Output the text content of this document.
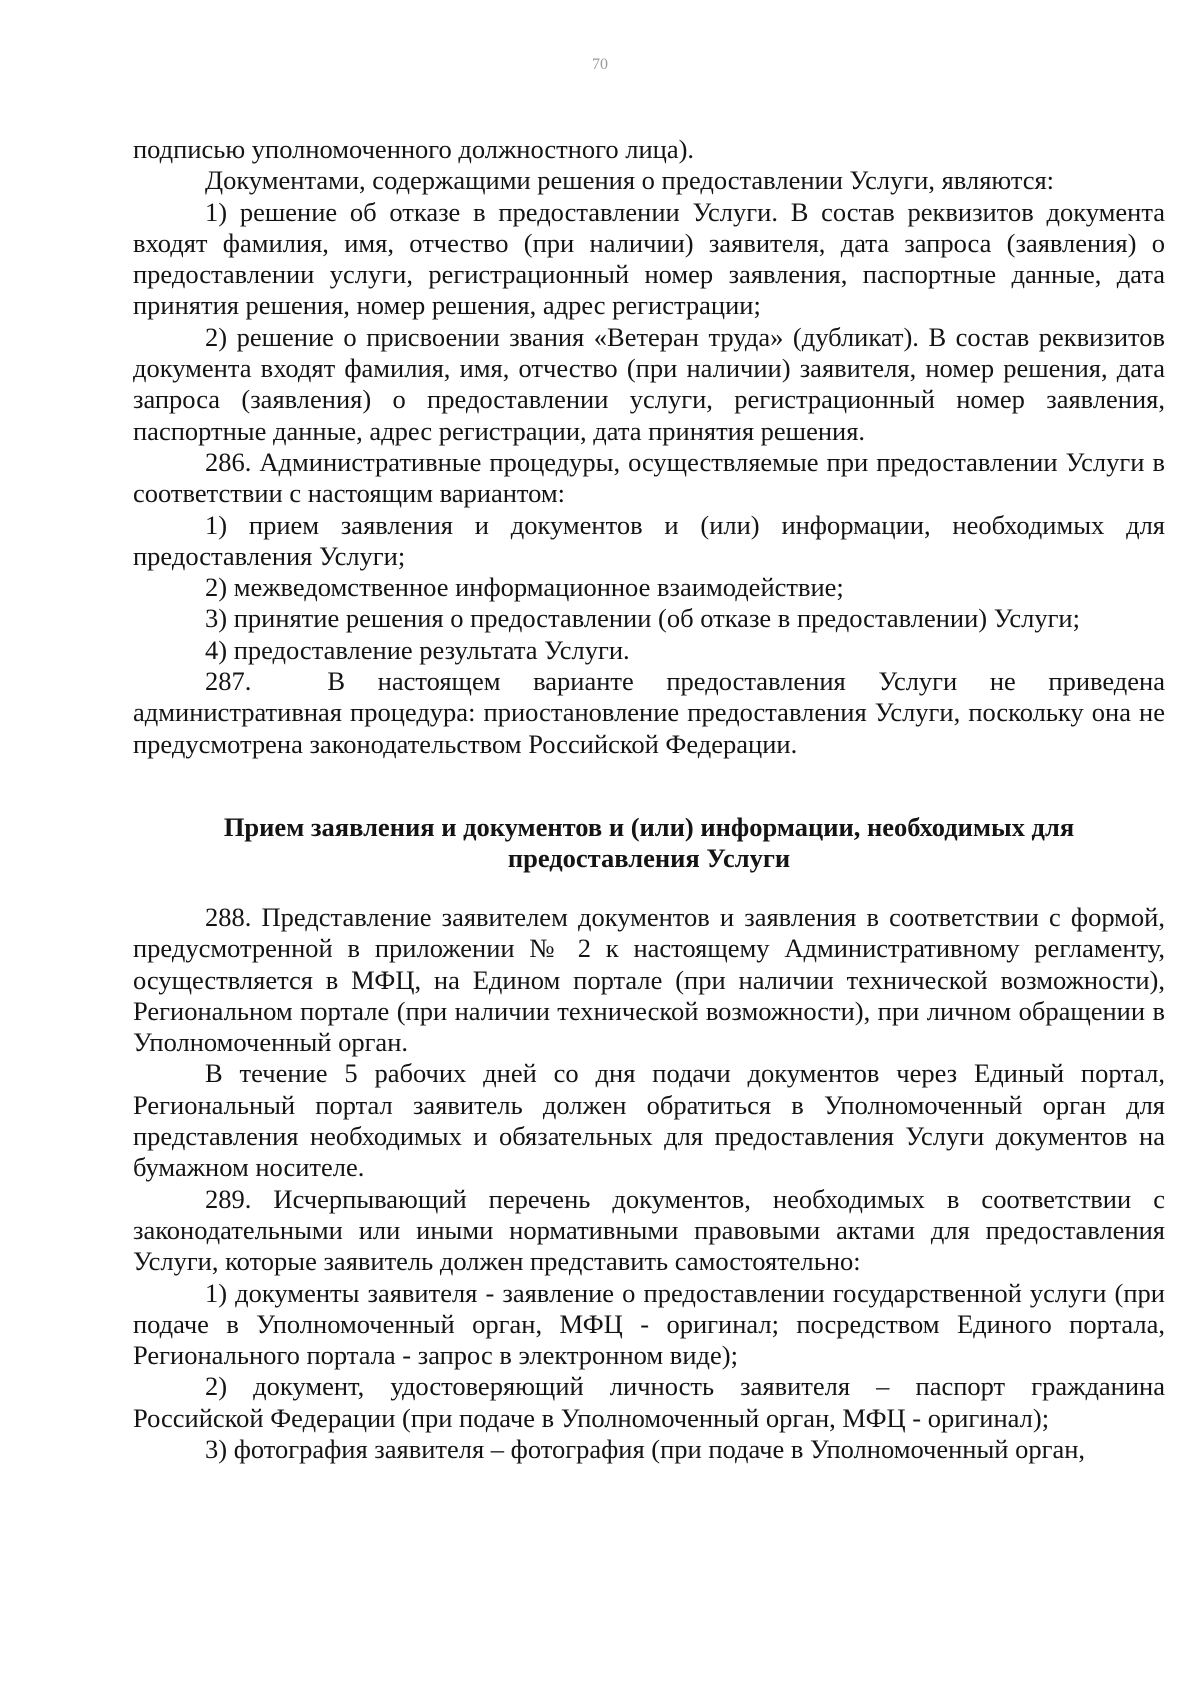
70

подписью уполномоченного должностного лица).

Документами, содержащими решения о предоставлении Услуги, являются:

1) решение об отказе в предоставлении Услуги. В состав реквизитов документа входят фамилия, имя, отчество (при наличии) заявителя, дата запроса (заявления) о предоставлении услуги, регистрационный номер заявления, паспортные данные, дата принятия решения, номер решения, адрес регистрации;

2) решение о присвоении звания «Ветеран труда» (дубликат). В состав реквизитов документа входят фамилия, имя, отчество (при наличии) заявителя, номер решения, дата запроса (заявления) о предоставлении услуги, регистрационный номер заявления, паспортные данные, адрес регистрации, дата принятия решения.

286. Административные процедуры, осуществляемые при предоставлении Услуги в соответствии с настоящим вариантом:

1) прием заявления и документов и (или) информации, необходимых для предоставления Услуги;

2) межведомственное информационное взаимодействие;

3) принятие решения о предоставлении (об отказе в предоставлении) Услуги;

4) предоставление результата Услуги.

287.	В настоящем варианте предоставления Услуги не приведена административная процедура: приостановление предоставления Услуги, поскольку она не предусмотрена законодательством Российской Федерации.

Прием заявления и документов и (или) информации, необходимых для

предоставления Услуги

288. Представление заявителем документов и заявления в соответствии с формой, предусмотренной в приложении № 2 к настоящему Административному регламенту, осуществляется в МФЦ, на Едином портале (при наличии технической возможности), Региональном портале (при наличии технической возможности), при личном обращении в Уполномоченный орган.

В течение 5 рабочих дней со дня подачи документов через Единый портал, Региональный портал заявитель должен обратиться в Уполномоченный орган для представления необходимых и обязательных для предоставления Услуги документов на бумажном носителе.

289. Исчерпывающий перечень документов, необходимых в соответствии с законодательными или иными нормативными правовыми актами для предоставления Услуги, которые заявитель должен представить самостоятельно:

1) документы заявителя - заявление о предоставлении государственной услуги (при подаче в Уполномоченный орган, МФЦ - оригинал; посредством Единого портала, Регионального портала - запрос в электронном виде);

2) документ, удостоверяющий личность заявителя – паспорт гражданина Российской Федерации (при подаче в Уполномоченный орган, МФЦ - оригинал);

3) фотография заявителя – фотография (при подаче в Уполномоченный орган,
